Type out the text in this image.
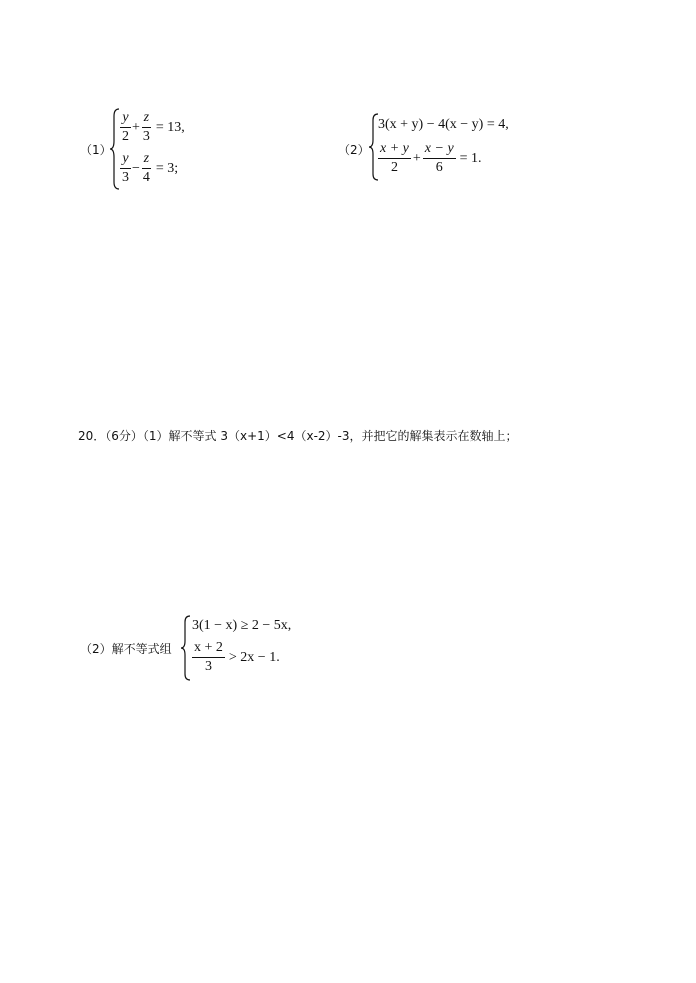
（1）
$\frac{y}{2} + \frac{z}{3} = 13$,
$\frac{y}{3} - \frac{z}{4} = 3$;
（2）
3(x + y) − 4(x − y) = 4,
$\frac{x + y}{2} + \frac{x - y}{6} = 1$.
20．（6分）（1）解不等式 3（x+1）<4（x-2）-3，并把它的解集表示在数轴上；
（2）解不等式组
3(1 − x) ≥ 2 − 5x,
$\frac{x + 2}{3} > 2x - 1$.
